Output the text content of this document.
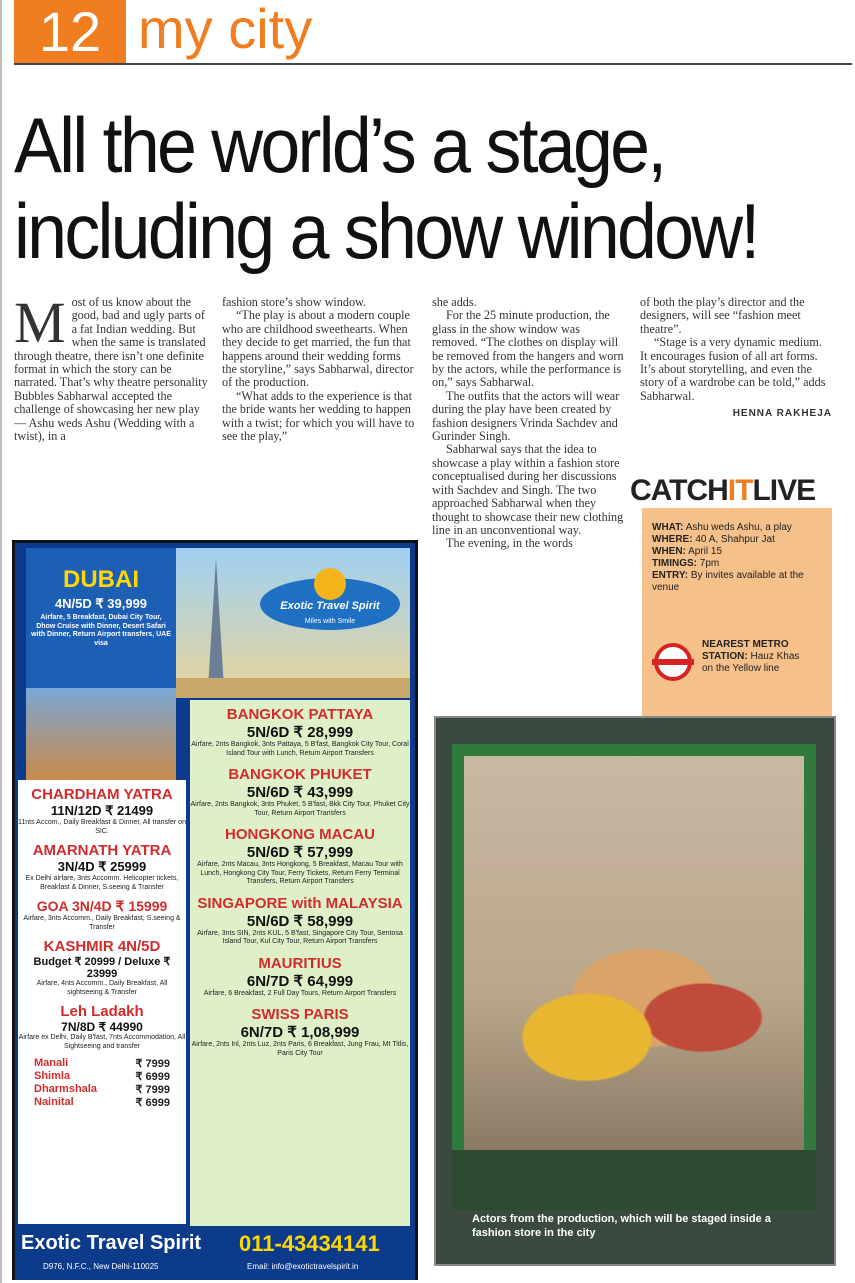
12 my city
All the world’s a stage,
including a show window!
M ost of us know about the good, bad and ugly parts of a fat Indian wedding. But when the same is translated through theatre, there isn’t one definite format in which the story can be narrated. That’s why theatre personality Bubbles Sabharwal accepted the challenge of showcasing her new play — Ashu weds Ashu (Wedding with a twist), in a

fashion store’s show window.

“The play is about a modern couple who are childhood sweethearts. When they decide to get married, the fun that happens around their wedding forms the storyline,” says Sabharwal, director of the production.

“What adds to the experience is that the bride wants her wedding to happen with a twist; for which you will have to see the play,”

she adds.

For the 25 minute production, the glass in the show window was removed. “The clothes on display will be removed from the hangers and worn by the actors, while the performance is on,” says Sabharwal.

The outfits that the actors will wear during the play have been created by fashion designers Vrinda Sachdev and Gurinder Singh.

Sabharwal says that the idea to showcase a play within a fashion store conceptualised during her discussions with Sachdev and Singh. The two approached Sabharwal when they thought to showcase their new clothing line in an unconventional way.

The evening, in the words

of both the play’s director and the designers, will see “fashion meet theatre”.

“Stage is a very dynamic medium. It encourages fusion of all art forms. It’s about storytelling, and even the story of a wardrobe can be told,” adds Sabharwal.

HENNA RAKHEJA
CATCHITLIVE
WHAT: Ashu weds Ashu, a play
WHERE: 40 A, Shahpur Jat
WHEN: April 15
TIMINGS: 7pm
ENTRY: By invites available at the venue
NEAREST METRO STATION: Hauz Khas on the Yellow line
Actors from the production, which will be staged inside a fashion store in the city
Exotic Travel Spirit
Miles with Smile
DUBAI
4N/5D ₹ 39,999
Airfare, 5 Breakfast, Dubai City Tour, Dhow Cruise with Dinner, Desert Safari with Dinner, Return Airport transfers, UAE visa
CHARDHAM YATRA
11N/12D ₹ 21499
11nts Accom., Daily Breakfast & Dinner, All transfer on SIC.
AMARNATH YATRA
3N/4D ₹ 25999
Ex Delhi airfare, 3nts Accomm. Helicopter tickets, Breakfast & Dinner, S.seeing & Transfer
GOA 3N/4D ₹ 15999
Airfare, 3nts Accomm., Daily Breakfast, S.seeing & Transfer
KASHMIR 4N/5D
Budget ₹ 20999 / Deluxe ₹ 23999
Airfare, 4nts Accomm., Daily Breakfast, All sightseeing & Transfer
Leh Ladakh
7N/8D ₹ 44990
Airfare ex Delhi, Daily B'fast, 7nts Accommodation, All Sightseeing and transfer
Manali	₹ 7999
Shimla	₹ 6999
Dharmshala	₹ 7999
Nainital	₹ 6999
BANGKOK PATTAYA
5N/6D ₹ 28,999
Airfare, 2nts Bangkok, 3nts Pattaya, 5 B'fast, Bangkok City Tour, Coral Island Tour with Lunch, Return Airport Transfers
BANGKOK PHUKET
5N/6D ₹ 43,999
Airfare, 2nts Bangkok, 3nts Phuket, 5 B'fast, Bkk City Tour, Phuket City Tour, Return Airport Transfers
HONGKONG MACAU
5N/6D ₹ 57,999
Airfare, 2nts Macau, 3nts Hongkong, 5 Breakfast, Macau Tour with Lunch, Hongkong City Tour, Ferry Tickets, Return Ferry Terminal Transfers, Return Airport Transfers
SINGAPORE with MALAYSIA
5N/6D ₹ 58,999
Airfare, 3nts SIN, 2nts KUL, 5 B'fast, Singapore City Tour, Sentosa Island Tour, Kul City Tour, Return Airport Transfers
MAURITIUS
6N/7D ₹ 64,999
Airfare, 6 Breakfast, 2 Full Day Tours, Return Airport Transfers
SWISS PARIS
6N/7D ₹ 1,08,999
Airfare, 2nts Inl, 2nts Luz, 2nts Paris, 6 Breakfast, Jung Frau, Mt Titlis, Paris City Tour
Exotic Travel Spirit 011-43434141
D976, N.F.C., New Delhi-110025	Email: info@exotictravelspirit.in
